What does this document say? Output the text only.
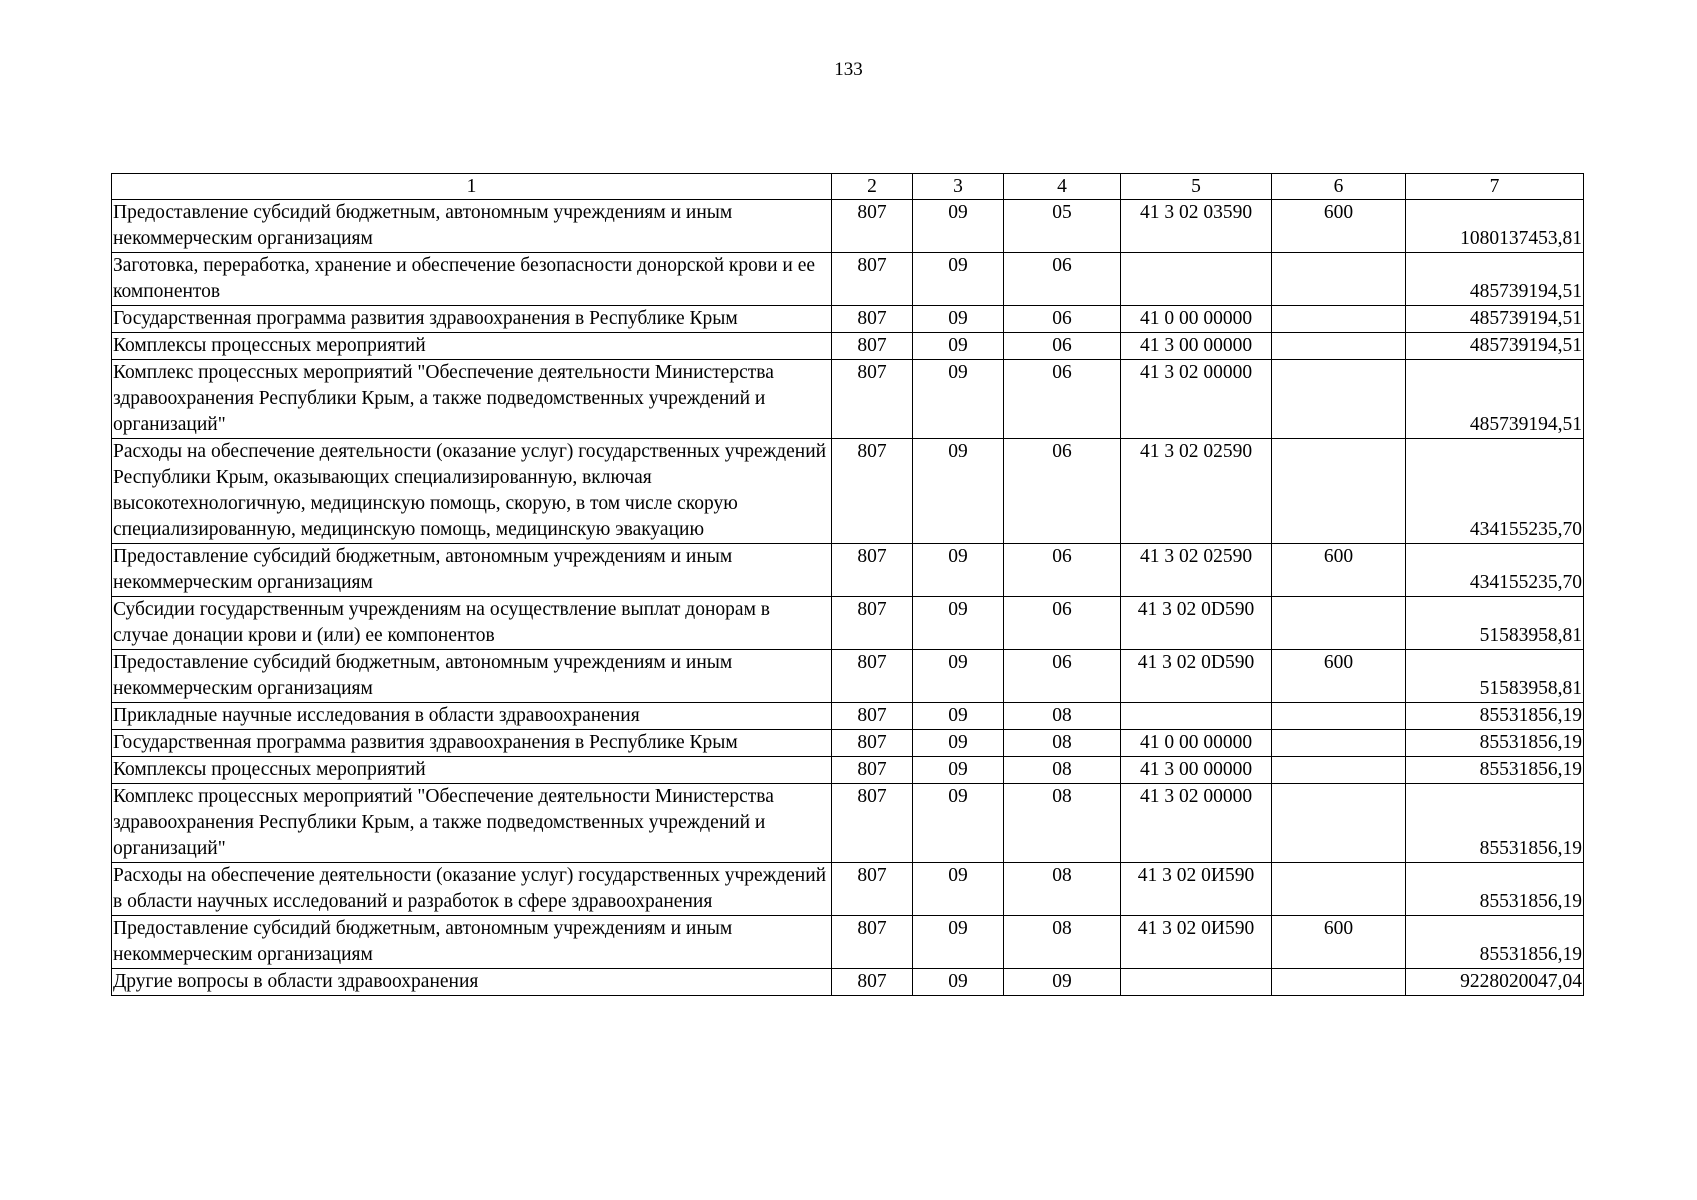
133
1	2	3	4	5	6	7
Предоставление субсидий бюджетным, автономным учреждениям и иным некоммерческим организациям	807	09	05	41 3 02 03590	600	1080137453,81
Заготовка, переработка, хранение и обеспечение безопасности донорской крови и ее компонентов	807	09	06			485739194,51
Государственная программа развития здравоохранения в Республике Крым	807	09	06	41 0 00 00000		485739194,51
Комплексы процессных мероприятий	807	09	06	41 3 00 00000		485739194,51
Комплекс процессных мероприятий "Обеспечение деятельности Министерства здравоохранения Республики Крым, а также подведомственных учреждений и организаций"	807	09	06	41 3 02 00000		485739194,51
Расходы на обеспечение деятельности (оказание услуг) государственных учреждений Республики Крым, оказывающих специализированную, включая высокотехнологичную, медицинскую помощь, скорую, в том числе скорую специализированную, медицинскую помощь, медицинскую эвакуацию	807	09	06	41 3 02 02590		434155235,70
Предоставление субсидий бюджетным, автономным учреждениям и иным некоммерческим организациям	807	09	06	41 3 02 02590	600	434155235,70
Субсидии государственным учреждениям на осуществление выплат донорам в случае донации крови и (или) ее компонентов	807	09	06	41 3 02 0D590		51583958,81
Предоставление субсидий бюджетным, автономным учреждениям и иным некоммерческим организациям	807	09	06	41 3 02 0D590	600	51583958,81
Прикладные научные исследования в области здравоохранения	807	09	08			85531856,19
Государственная программа развития здравоохранения в Республике Крым	807	09	08	41 0 00 00000		85531856,19
Комплексы процессных мероприятий	807	09	08	41 3 00 00000		85531856,19
Комплекс процессных мероприятий "Обеспечение деятельности Министерства здравоохранения Республики Крым, а также подведомственных учреждений и организаций"	807	09	08	41 3 02 00000		85531856,19
Расходы на обеспечение деятельности (оказание услуг) государственных учреждений в области научных исследований и разработок в сфере здравоохранения	807	09	08	41 3 02 0И590		85531856,19
Предоставление субсидий бюджетным, автономным учреждениям и иным некоммерческим организациям	807	09	08	41 3 02 0И590	600	85531856,19
Другие вопросы в области здравоохранения	807	09	09			9228020047,04
